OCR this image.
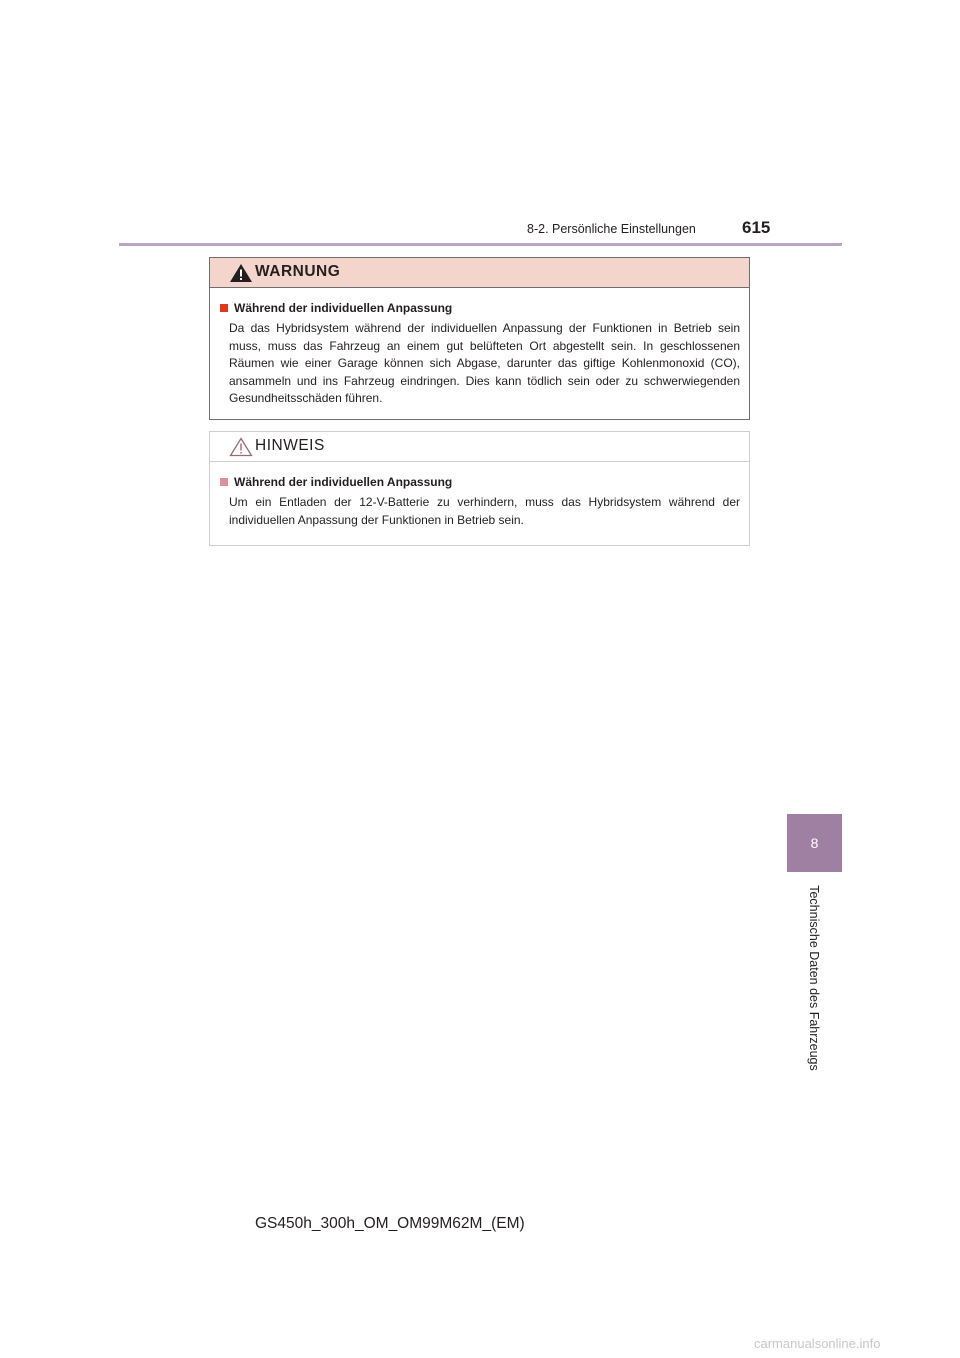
8-2. Persönliche Einstellungen	615
WARNUNG
Während der individuellen Anpassung
Da das Hybridsystem während der individuellen Anpassung der Funktionen in Betrieb sein muss, muss das Fahrzeug an einem gut belüfteten Ort abgestellt sein. In geschlossenen Räumen wie einer Garage können sich Abgase, darunter das giftige Kohlenmonoxid (CO), ansammeln und ins Fahrzeug eindringen. Dies kann tödlich sein oder zu schwerwiegenden Gesundheitsschäden führen.
HINWEIS
Während der individuellen Anpassung
Um ein Entladen der 12-V-Batterie zu verhindern, muss das Hybridsystem während der individuellen Anpassung der Funktionen in Betrieb sein.
8
Technische Daten des Fahrzeugs
GS450h_300h_OM_OM99M62M_(EM)
carmanualsonline.info
